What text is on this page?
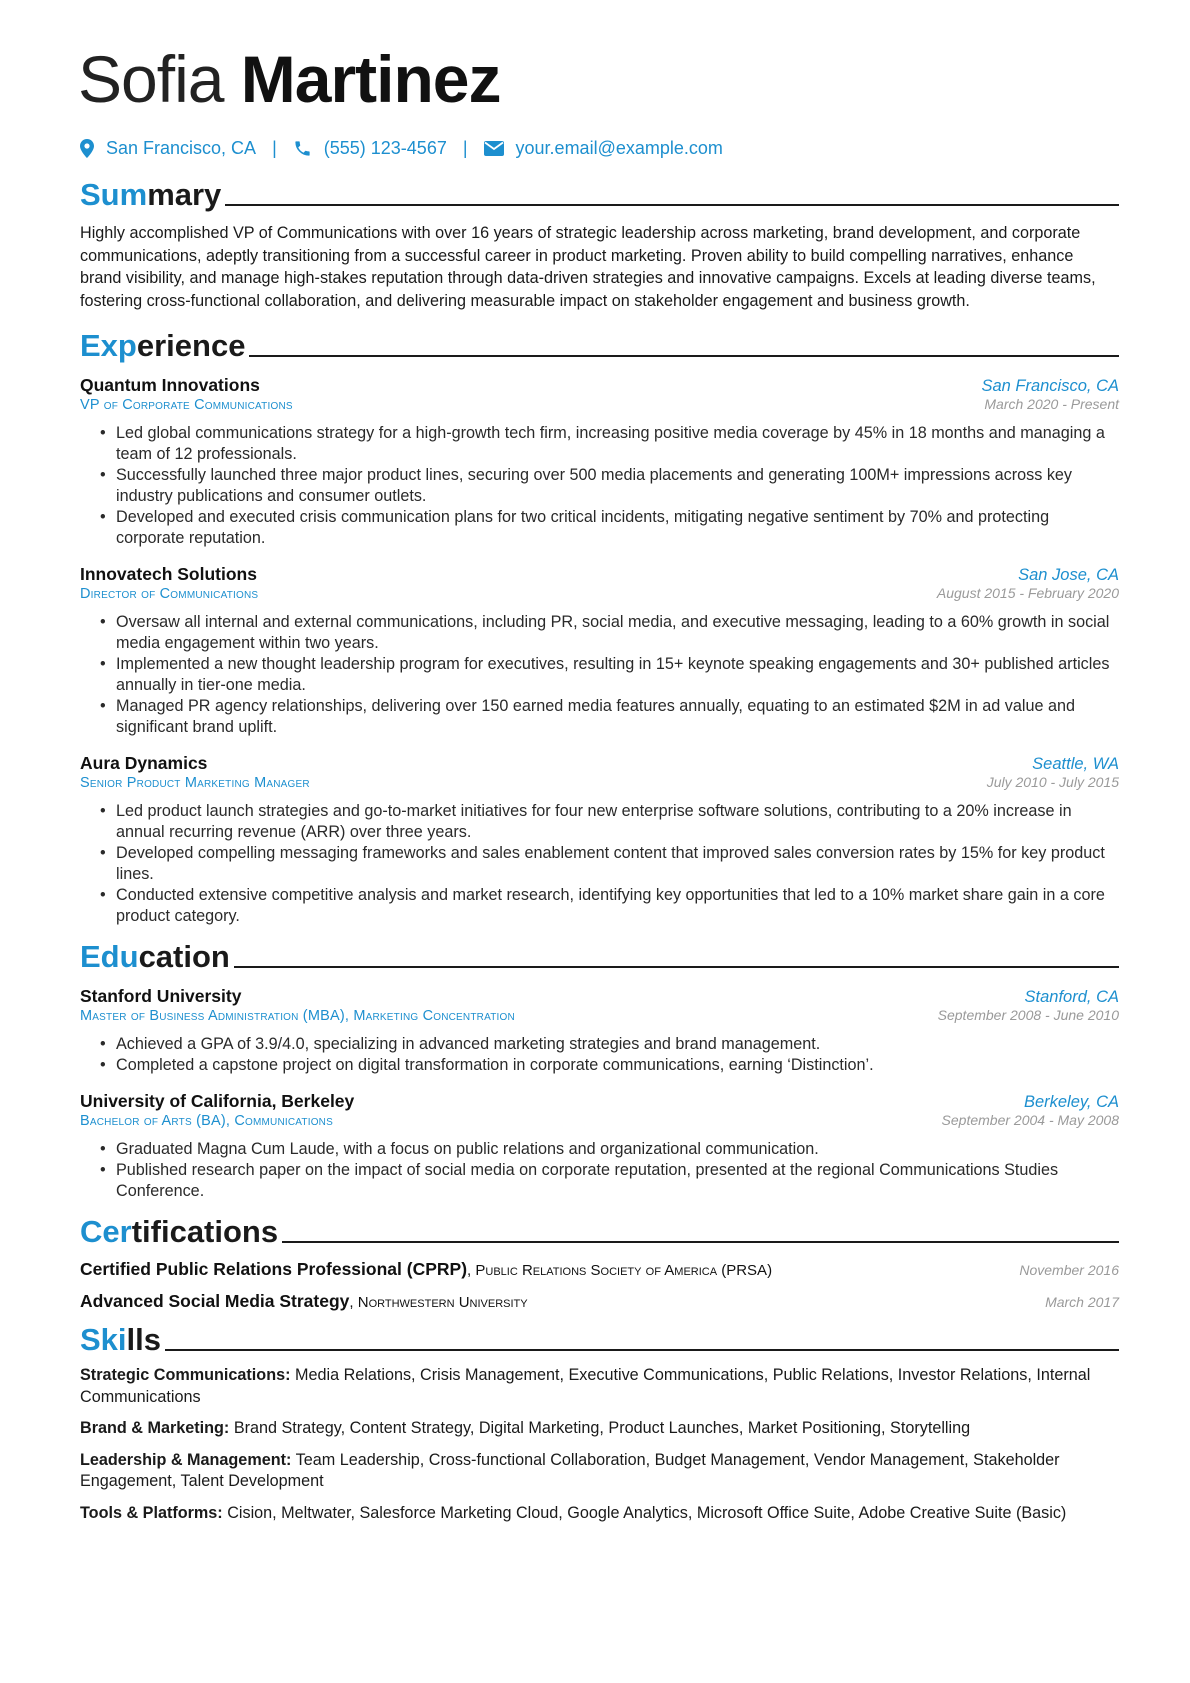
Sofia Martinez
San Francisco, CA |	(555) 123-4567 |	your.email@example.com
Summary
Highly accomplished VP of Communications with over 16 years of strategic leadership across marketing, brand development, and corporate communications, adeptly transitioning from a successful career in product marketing. Proven ability to build compelling narratives, enhance brand visibility, and manage high-stakes reputation through data-driven strategies and innovative campaigns. Excels at leading diverse teams, fostering cross-functional collaboration, and delivering measurable impact on stakeholder engagement and business growth.
Experience
Quantum Innovations	San Francisco, CA
VP of Corporate Communications	March 2020 - Present
• Led global communications strategy for a high-growth tech firm, increasing positive media coverage by 45% in 18 months and managing a team of 12 professionals.
• Successfully launched three major product lines, securing over 500 media placements and generating 100M+ impressions across key industry publications and consumer outlets.
• Developed and executed crisis communication plans for two critical incidents, mitigating negative sentiment by 70% and protecting corporate reputation.
Innovatech Solutions	San Jose, CA
Director of Communications	August 2015 - February 2020
• Oversaw all internal and external communications, including PR, social media, and executive messaging, leading to a 60% growth in social media engagement within two years.
• Implemented a new thought leadership program for executives, resulting in 15+ keynote speaking engagements and 30+ published articles annually in tier-one media.
• Managed PR agency relationships, delivering over 150 earned media features annually, equating to an estimated $2M in ad value and significant brand uplift.
Aura Dynamics	Seattle, WA
Senior Product Marketing Manager	July 2010 - July 2015
• Led product launch strategies and go-to-market initiatives for four new enterprise software solutions, contributing to a 20% increase in annual recurring revenue (ARR) over three years.
• Developed compelling messaging frameworks and sales enablement content that improved sales conversion rates by 15% for key product lines.
• Conducted extensive competitive analysis and market research, identifying key opportunities that led to a 10% market share gain in a core product category.
Education
Stanford University	Stanford, CA
Master of Business Administration (MBA), Marketing Concentration	September 2008 - June 2010
• Achieved a GPA of 3.9/4.0, specializing in advanced marketing strategies and brand management.
• Completed a capstone project on digital transformation in corporate communications, earning ‘Distinction’.
University of California, Berkeley	Berkeley, CA
Bachelor of Arts (BA), Communications	September 2004 - May 2008
• Graduated Magna Cum Laude, with a focus on public relations and organizational communication.
• Published research paper on the impact of social media on corporate reputation, presented at the regional Communications Studies Conference.
Certifications
Certified Public Relations Professional (CPRP), Public Relations Society of America (PRSA)	November 2016
Advanced Social Media Strategy, Northwestern University	March 2017
Skills
Strategic Communications: Media Relations, Crisis Management, Executive Communications, Public Relations, Investor Relations, Internal Communications
Brand & Marketing: Brand Strategy, Content Strategy, Digital Marketing, Product Launches, Market Positioning, Storytelling
Leadership & Management: Team Leadership, Cross-functional Collaboration, Budget Management, Vendor Management, Stakeholder Engagement, Talent Development
Tools & Platforms: Cision, Meltwater, Salesforce Marketing Cloud, Google Analytics, Microsoft Office Suite, Adobe Creative Suite (Basic)
